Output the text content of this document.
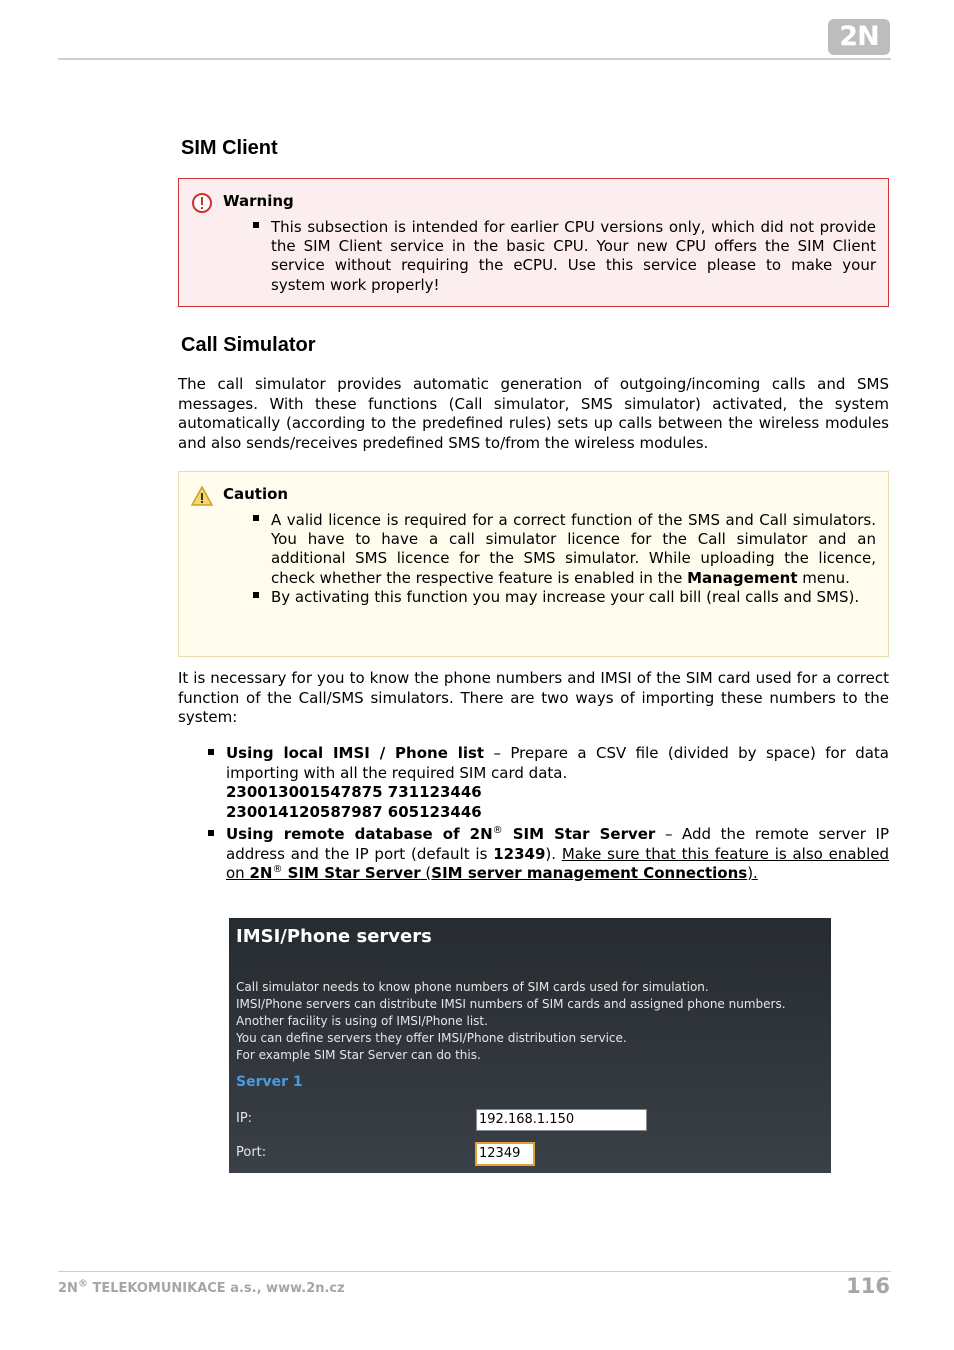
2N
SIM Client
Warning
This subsection is intended for earlier CPU versions only, which did not provide the SIM Client service in the basic CPU. Your new CPU offers the SIM Client service without requiring the eCPU. Use this service please to make your system work properly!
Call Simulator

The call simulator provides automatic generation of outgoing/incoming calls and SMS messages. With these functions (Call simulator, SMS simulator) activated, the system automatically (according to the predefined rules) sets up calls between the wireless modules and also sends/receives predefined SMS to/from the wireless modules.

Caution
A valid licence is required for a correct function of the SMS and Call simulators. You have to have a call simulator licence for the Call simulator and an additional SMS licence for the SMS simulator. While uploading the licence, check whether the respective feature is enabled in the Management menu.
By activating this function you may increase your call bill (real calls and SMS).

It is necessary for you to know the phone numbers and IMSI of the SIM card used for a correct function of the Call/SMS simulators. There are two ways of importing these numbers to the system:

Using local IMSI / Phone list – Prepare a CSV file (divided by space) for data importing with all the required SIM card data.
230013001547875 731123446
230014120587987 605123446
Using remote database of 2N® SIM Star Server – Add the remote server IP address and the IP port (default is 12349). Make sure that this feature is also enabled on 2N® SIM Star Server (SIM server management Connections).
IMSI/Phone servers
Call simulator needs to know phone numbers of SIM cards used for simulation.
IMSI/Phone servers can distribute IMSI numbers of SIM cards and assigned phone numbers.
Another facility is using of IMSI/Phone list.
You can define servers they offer IMSI/Phone distribution service.
For example SIM Star Server can do this.
Server 1
IP:	192.168.1.150
Port:	12349
2N® TELEKOMUNIKACE a.s., www.2n.cz	116
